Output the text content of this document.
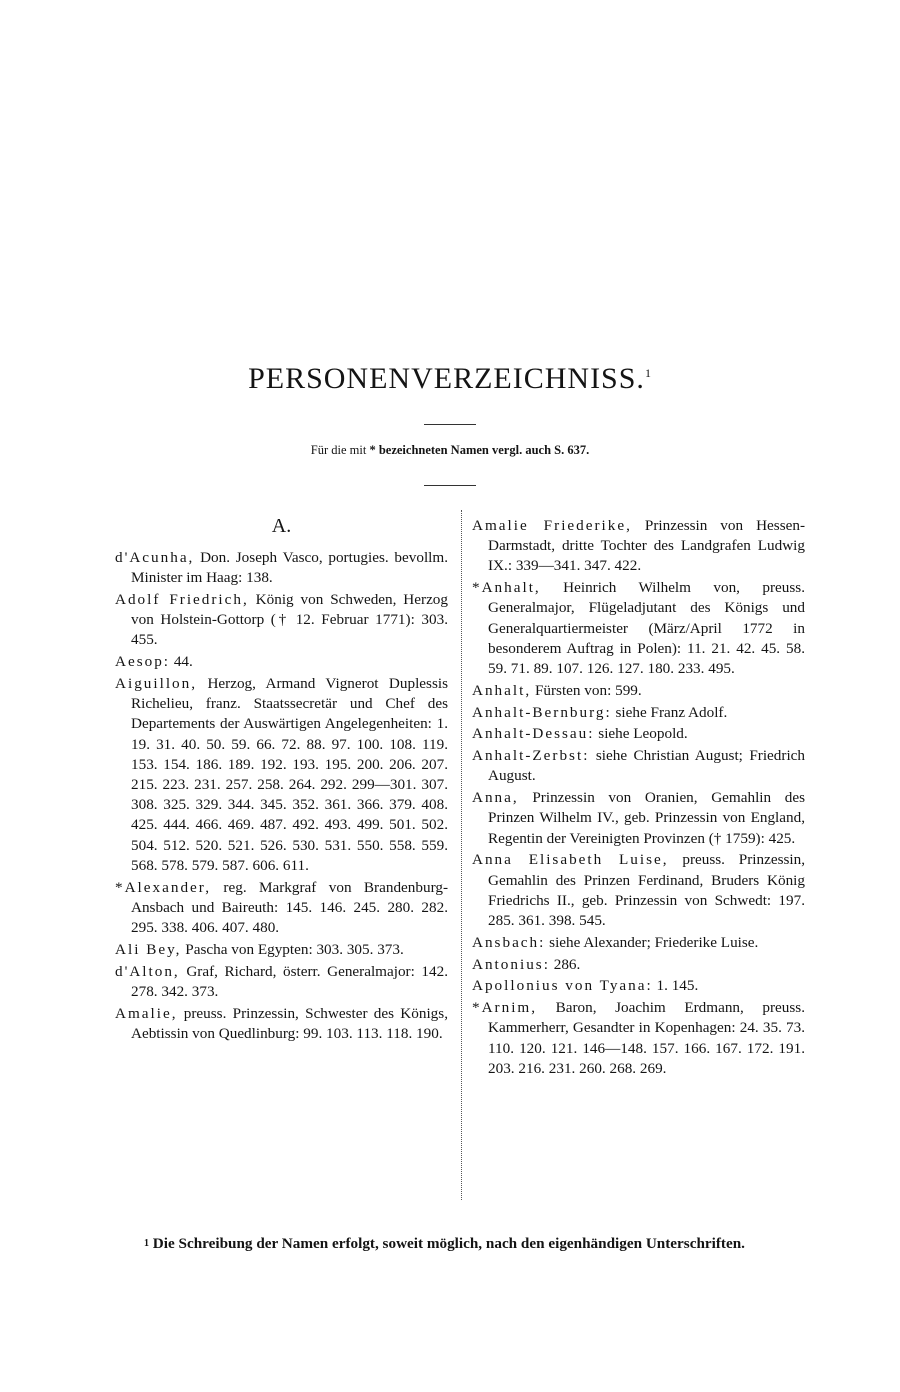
PERSONENVERZEICHNISS.$^1$
Für die mit * bezeichneten Namen vergl. auch S. 637.
A.
d'Acunha, Don. Joseph Vasco, portugies. bevollm. Minister im Haag: 138.
Adolf Friedrich, König von Schweden, Herzog von Holstein-Gottorp († 12. Februar 1771): 303. 455.
Aesop: 44.
Aiguillon, Herzog, Armand Vignerot Duplessis Richelieu, franz. Staatssecretär und Chef des Departements der Auswärtigen Angelegenheiten: 1. 19. 31. 40. 50. 59. 66. 72. 88. 97. 100. 108. 119. 153. 154. 186. 189. 192. 193. 195. 200. 206. 207. 215. 223. 231. 257. 258. 264. 292. 299—301. 307. 308. 325. 329. 344. 345. 352. 361. 366. 379. 408. 425. 444. 466. 469. 487. 492. 493. 499. 501. 502. 504. 512. 520. 521. 526. 530. 531. 550. 558. 559. 568. 578. 579. 587. 606. 611.
*Alexander, reg. Markgraf von Brandenburg-Ansbach und Baireuth: 145. 146. 245. 280. 282. 295. 338. 406. 407. 480.
Ali Bey, Pascha von Egypten: 303. 305. 373.
d'Alton, Graf, Richard, österr. Generalmajor: 142. 278. 342. 373.
Amalie, preuss. Prinzessin, Schwester des Königs, Aebtissin von Quedlinburg: 99. 103. 113. 118. 190.
Amalie Friederike, Prinzessin von Hessen-Darmstadt, dritte Tochter des Landgrafen Ludwig IX.: 339—341. 347. 422.
*Anhalt, Heinrich Wilhelm von, preuss. Generalmajor, Flügeladjutant des Königs und Generalquartiermeister (März/April 1772 in besonderem Auftrag in Polen): 11. 21. 42. 45. 58. 59. 71. 89. 107. 126. 127. 180. 233. 495.
Anhalt, Fürsten von: 599.
Anhalt-Bernburg: siehe Franz Adolf.
Anhalt-Dessau: siehe Leopold.
Anhalt-Zerbst: siehe Christian August; Friedrich August.
Anna, Prinzessin von Oranien, Gemahlin des Prinzen Wilhelm IV., geb. Prinzessin von England, Regentin der Vereinigten Provinzen († 1759): 425.
Anna Elisabeth Luise, preuss. Prinzessin, Gemahlin des Prinzen Ferdinand, Bruders König Friedrichs II., geb. Prinzessin von Schwedt: 197. 285. 361. 398. 545.
Ansbach: siehe Alexander; Friederike Luise.
Antonius: 286.
Apollonius von Tyana: 1. 145.
*Arnim, Baron, Joachim Erdmann, preuss. Kammerherr, Gesandter in Kopenhagen: 24. 35. 73. 110. 120. 121. 146—148. 157. 166. 167. 172. 191. 203. 216. 231. 260. 268. 269.
$^1$ Die Schreibung der Namen erfolgt, soweit möglich, nach den eigenhändigen Unterschriften.
